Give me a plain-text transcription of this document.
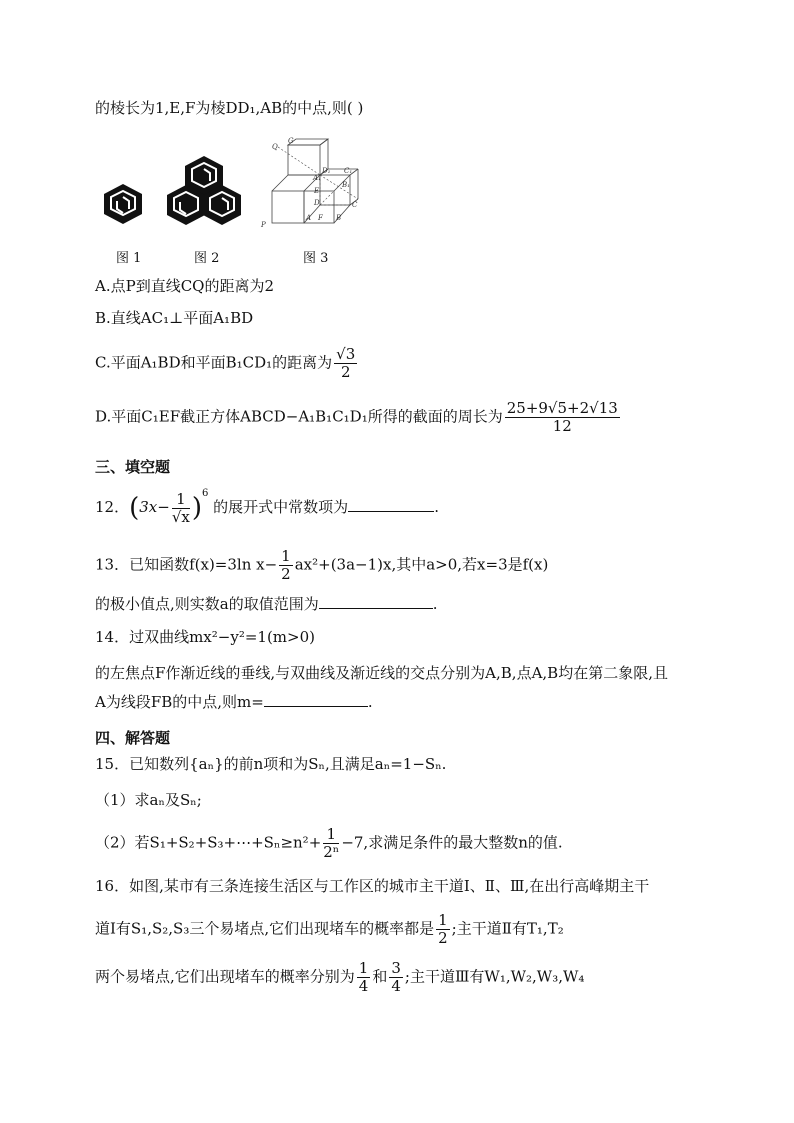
的棱长为1,E,F为棱DD₁,AB的中点,则( )
Q
G
D₁ C₁
A₁
B₁
E
D	C
A F B
P
图 1	图 2	图 3
A.点P到直线CQ的距离为2
B.直线AC₁⊥平面A₁BD
C.平面A₁BD和平面B₁CD₁的距离为 $\frac{√3}{2}$
D.平面C₁EF截正方体ABCD−A₁B₁C₁D₁所得的截面的周长为 $\frac{25+9√5+2√13}{12}$
三、填空题
12．$(3x- \frac{1}{√x} )^6$ 的展开式中常数项为	.
13．已知函数f(x)=3ln $x- \frac{1}{2} ax^2+(3a-1)x$,其中a>0,若x=3是f(x)
的极小值点,则实数a的取值范围为	.
14．过双曲线mx²−y²=1(m>0)
的左焦点F作渐近线的垂线,与双曲线及渐近线的交点分别为A,B,点A,B均在第二象限,且
A为线段FB的中点,则m=	.
四、解答题
15．已知数列{aₙ}的前n项和为Sₙ,且满足aₙ=1−Sₙ.
（1）求aₙ及Sₙ;
（2）若S₁+S₂+S₃+⋯+Sₙ≥n²+ $\frac{1}{\text{2ⁿ}} -7$,求满足条件的最大整数n的值.
16．如图,某市有三条连接生活区与工作区的城市主干道Ⅰ、Ⅱ、Ⅲ,在出行高峰期主干
道Ⅰ有S₁,S₂,S₃三个易堵点,它们出现堵车的概率都是 $\frac{1}{2}$ ;主干道Ⅱ有T₁,T₂
两个易堵点,它们出现堵车的概率分别为 $\frac{1}{4}$ 和 $\frac{3}{4}$ ;主干道Ⅲ有W₁,W₂,W₃,W₄
